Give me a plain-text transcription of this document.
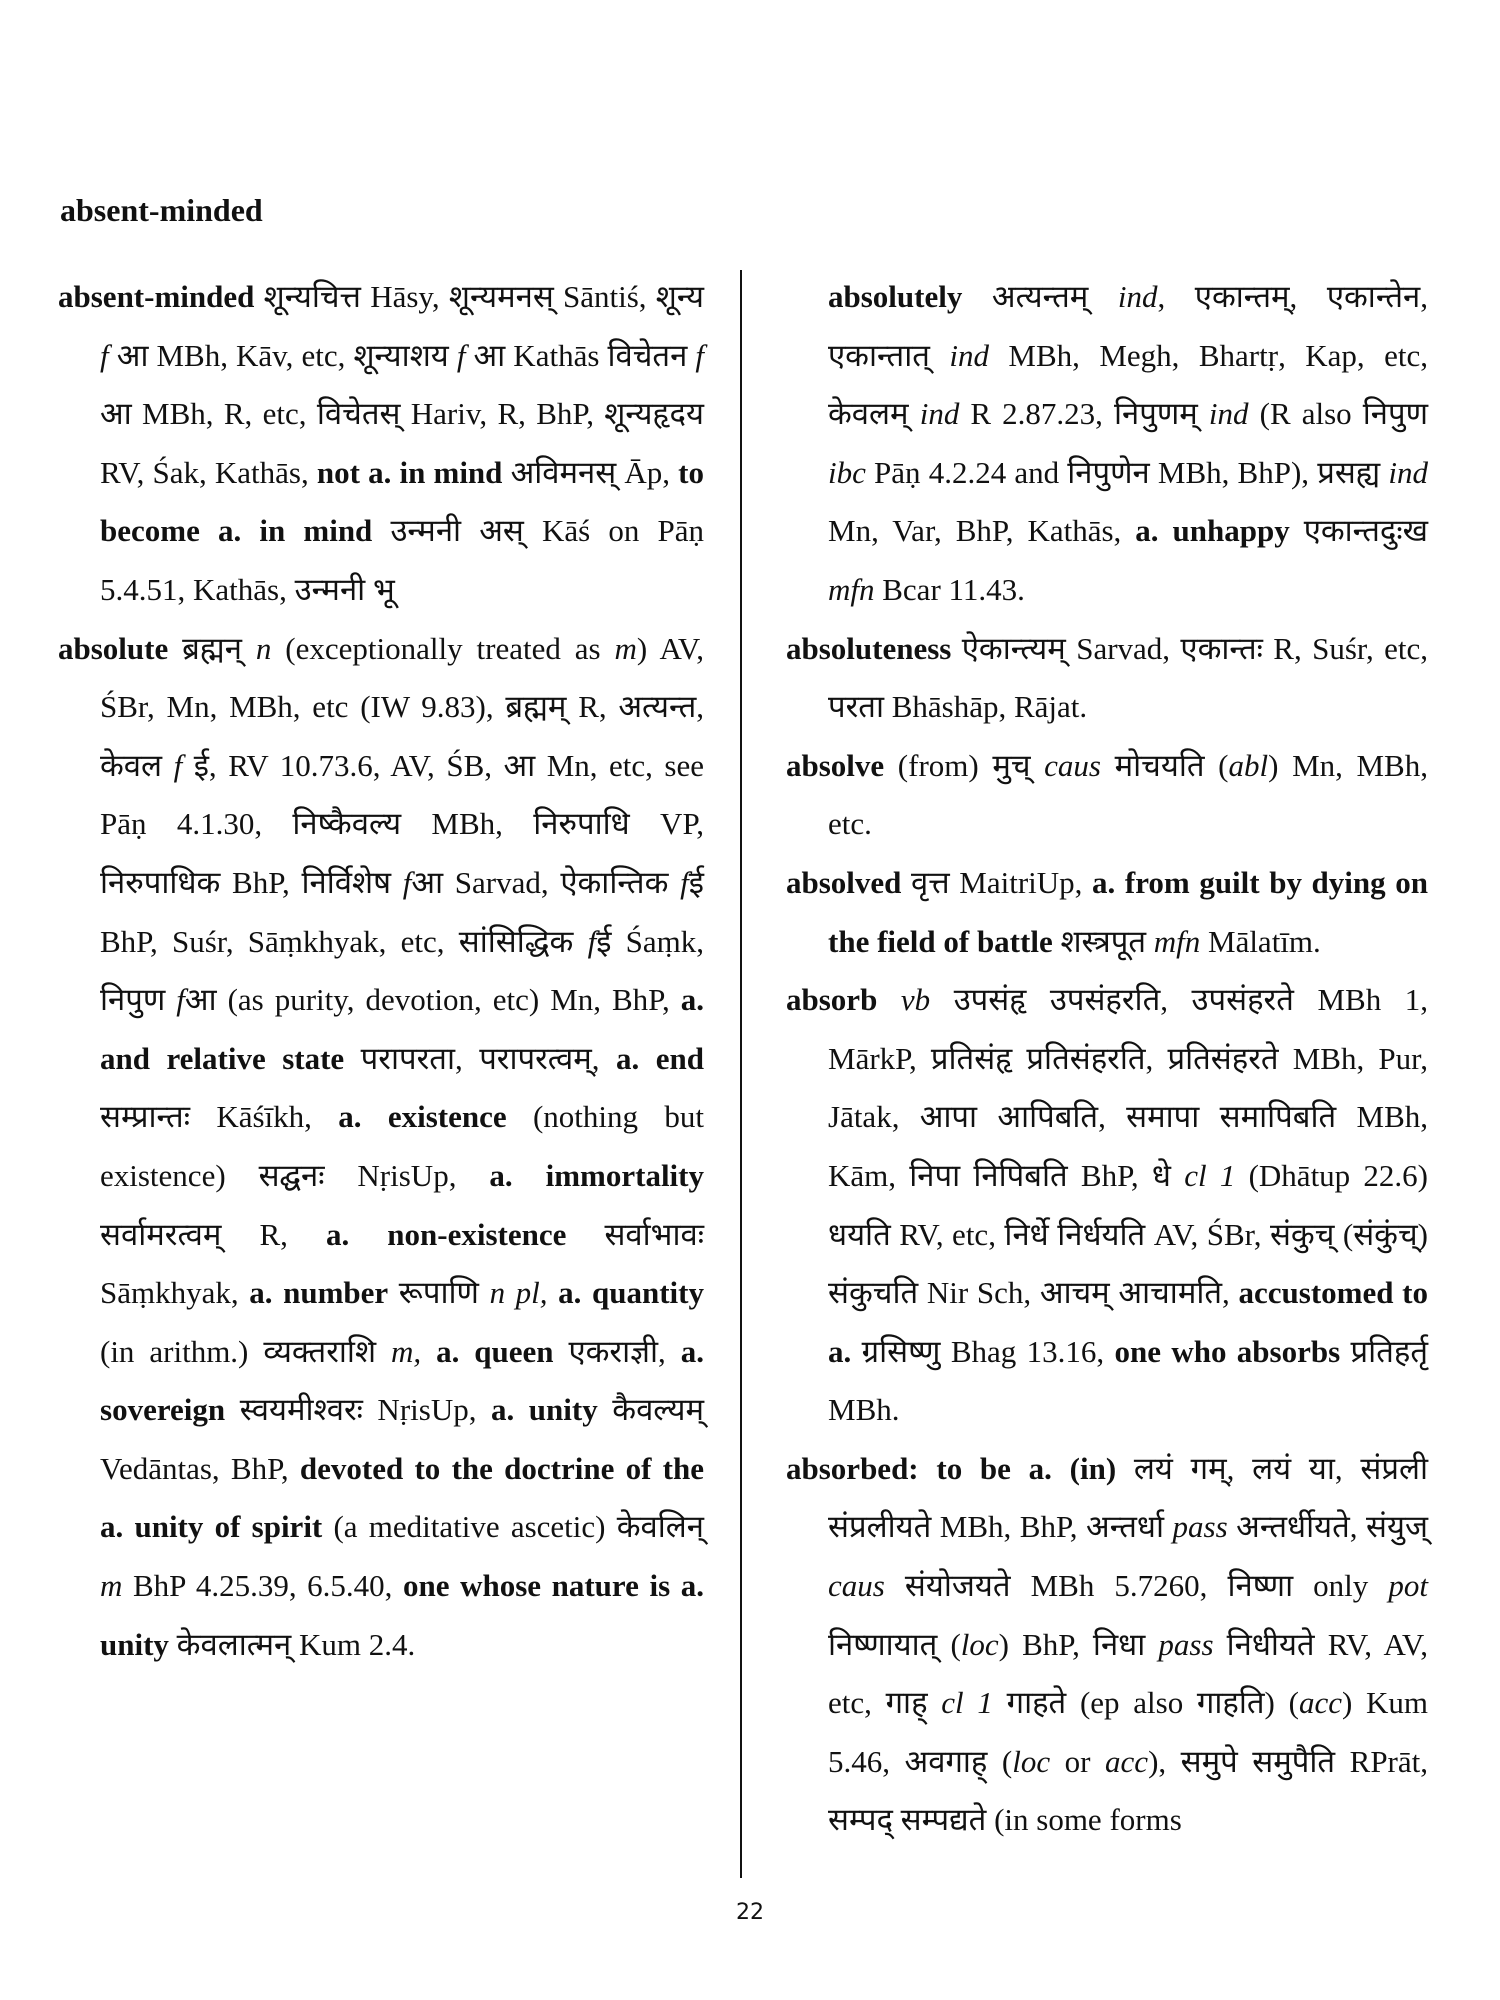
absent-minded

absent-minded शून्यचित्त Hāsy, शून्यमनस् Sāntiś, शून्य f आ MBh, Kāv, etc, शून्याशय f आ Kathās विचेतन f आ MBh, R, etc, विचेतस् Hariv, R, BhP, शून्यहृदय RV, Śak, Kathās, not a. in mind अविमनस् Āp, to become a. in mind उन्मनी अस् Kāś on Pāṇ 5.4.51, Kathās, उन्मनी भू

absolute ब्रह्मन् n (exceptionally treated as m) AV, ŚBr, Mn, MBh, etc (IW 9.83), ब्रह्मम् R, अत्यन्त, केवल f ई, RV 10.73.6, AV, ŚB, आ Mn, etc, see Pāṇ 4.1.30, निष्कैवल्य MBh, निरुपाधि VP, निरुपाधिक BhP, निर्विशेष fआ Sarvad, ऐकान्तिक fई BhP, Suśr, Sāṃkhyak, etc, सांसिद्धिक fई Śaṃk, निपुण fआ (as purity, devotion, etc) Mn, BhP, a. and relative state परापरता, परापरत्वम्, a. end सम्प्रान्तः Kāśīkh, a. existence (nothing but existence) सद्घनः NṛisUp, a. immortality सर्वामरत्वम् R, a. non-existence सर्वाभावः Sāṃkhyak, a. number रूपाणि n pl, a. quantity (in arithm.) व्यक्तराशि m, a. queen एकराज्ञी, a. sovereign स्वयमीश्वरः NṛisUp, a. unity कैवल्यम् Vedāntas, BhP, devoted to the doctrine of the a. unity of spirit (a meditative ascetic) केवलिन् m BhP 4.25.39, 6.5.40, one whose nature is a. unity केवलात्मन् Kum 2.4.

absolutely अत्यन्तम् ind, एकान्तम्, एकान्तेन, एकान्तात् ind MBh, Megh, Bhartṛ, Kap, etc, केवलम् ind R 2.87.23, निपुणम् ind (R also निपुण ibc Pāṇ 4.2.24 and निपुणेन MBh, BhP), प्रसह्य ind Mn, Var, BhP, Kathās, a. unhappy एकान्तदुःख mfn Bcar 11.43.

absoluteness ऐकान्त्यम् Sarvad, एकान्तः R, Suśr, etc, परता Bhāshāp, Rājat.

absolve (from) मुच् caus मोचयति (abl) Mn, MBh, etc.

absolved वृत्त MaitriUp, a. from guilt by dying on the field of battle शस्त्रपूत mfn Mālatīm.

absorb vb उपसंहृ उपसंहरति, उपसंहरते MBh 1, MārkP, प्रतिसंहृ प्रतिसंहरति, प्रतिसंहरते MBh, Pur, Jātak, आपा आपिबति, समापा समापिबति MBh, Kām, निपा निपिबति BhP, धे cl 1 (Dhātup 22.6) धयति RV, etc, निर्धे निर्धयति AV, ŚBr, संकुच् (संकुंच्) संकुचति Nir Sch, आचम् आचामति, accustomed to a. ग्रसिष्णु Bhag 13.16, one who absorbs प्रतिहर्तृ MBh.

absorbed: to be a. (in) लयं गम्, लयं या, संप्रली संप्रलीयते MBh, BhP, अन्तर्धा pass अन्तर्धीयते, संयुज् caus संयोजयते MBh 5.7260, निष्णा only pot निष्णायात् (loc) BhP, निधा pass निधीयते RV, AV, etc, गाह् cl 1 गाहते (ep also गाहति) (acc) Kum 5.46, अवगाह् (loc or acc), समुपे समुपैति RPrāt, सम्पद् सम्पद्यते (in some forms

22
